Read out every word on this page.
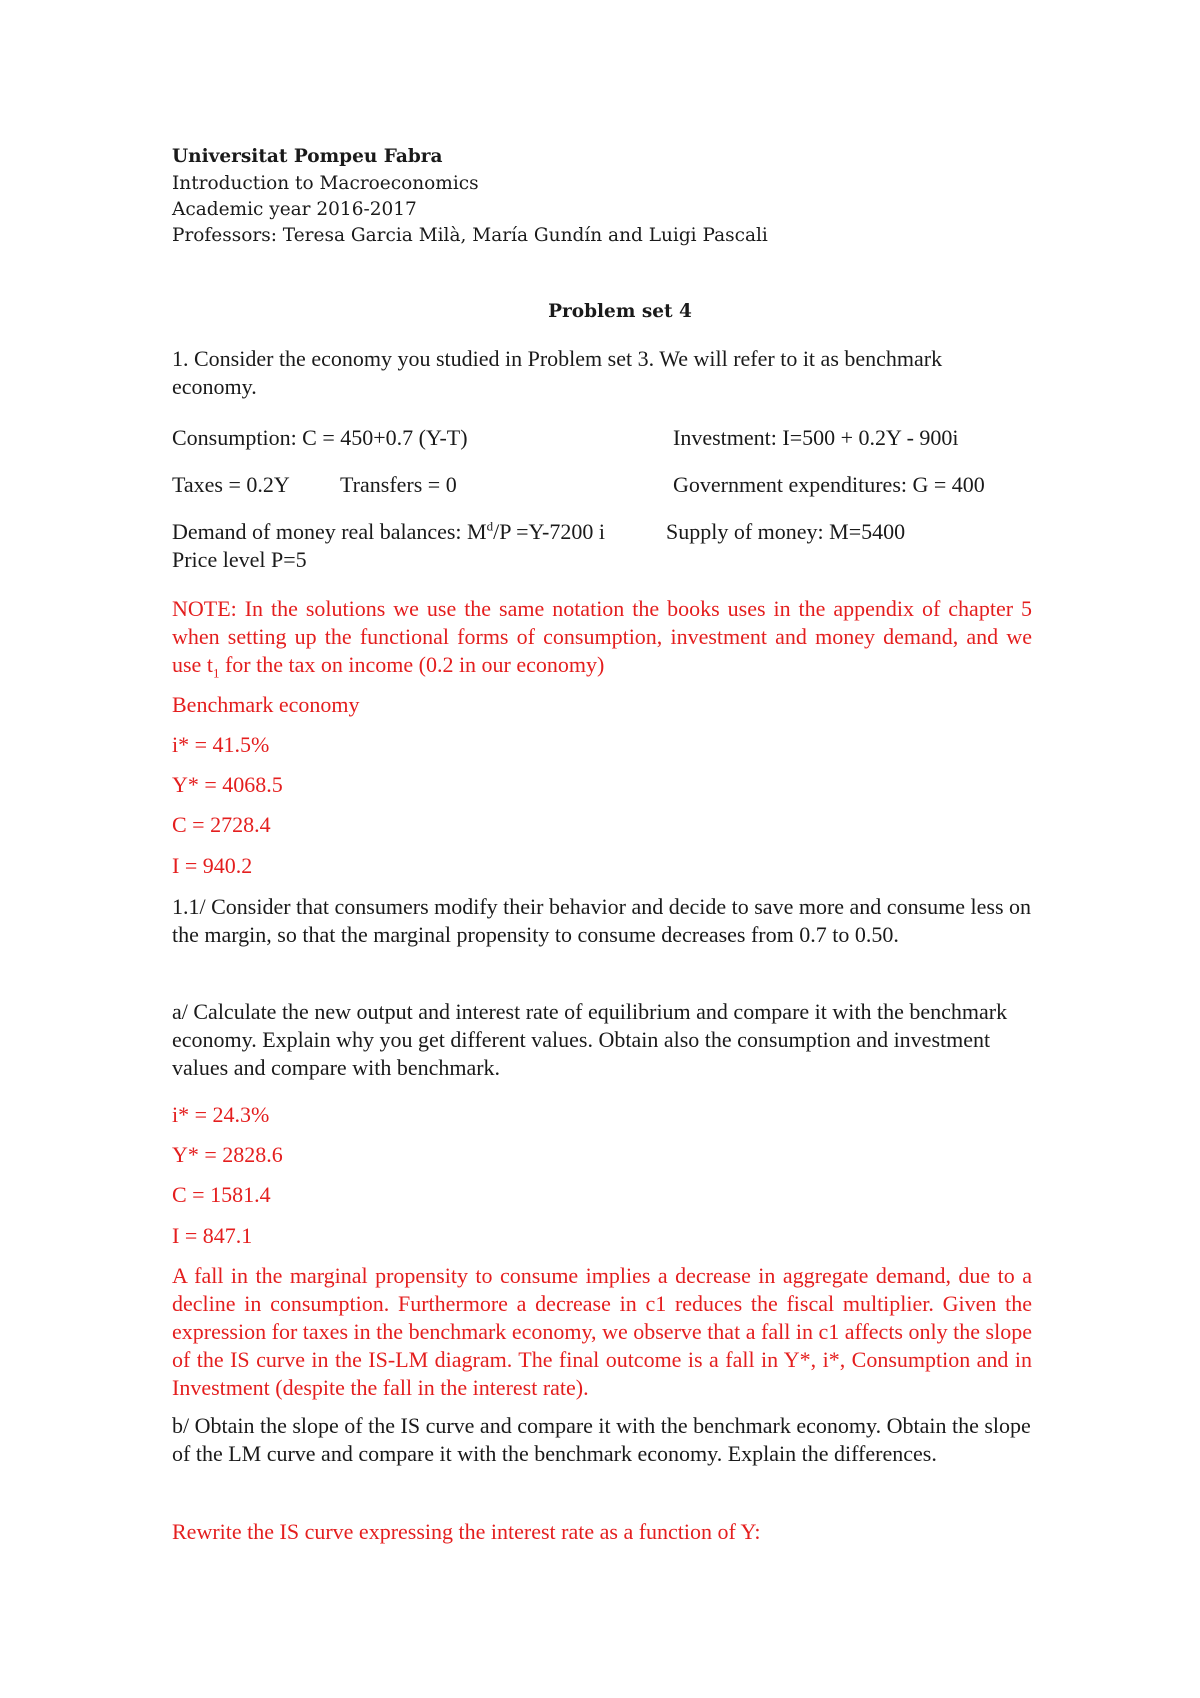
Universitat Pompeu Fabra
Introduction to Macroeconomics
Academic year 2016-2017
Professors: Teresa Garcia Milà, María Gundín and Luigi Pascali
Problem set 4
1. Consider the economy you studied in Problem set 3. We will refer to it as benchmark economy.
Consumption: C = 450+0.7 (Y-T)	Investment: I=500 + 0.2Y - 900i
Taxes = 0.2Y Transfers = 0	Government expenditures: G = 400
Demand of money real balances: $M^d/P =Y-7200$ i	Supply of money: M=5400
Price level P=5
NOTE: In the solutions we use the same notation the books uses in the appendix of chapter 5 when setting up the functional forms of consumption, investment and money demand, and we use $t_1$ for the tax on income (0.2 in our economy)
Benchmark economy
i* = 41.5%
Y* = 4068.5
C = 2728.4
I = 940.2
1.1/ Consider that consumers modify their behavior and decide to save more and consume less on the margin, so that the marginal propensity to consume decreases from 0.7 to 0.50.
a/ Calculate the new output and interest rate of equilibrium and compare it with the benchmark economy. Explain why you get different values. Obtain also the consumption and investment values and compare with benchmark.
i* = 24.3%
Y* = 2828.6
C = 1581.4
I = 847.1
A fall in the marginal propensity to consume implies a decrease in aggregate demand, due to a decline in consumption. Furthermore a decrease in c1 reduces the fiscal multiplier. Given the expression for taxes in the benchmark economy, we observe that a fall in c1 affects only the slope of the IS curve in the IS-LM diagram. The final outcome is a fall in Y*, i*, Consumption and in Investment (despite the fall in the interest rate).
b/ Obtain the slope of the IS curve and compare it with the benchmark economy. Obtain the slope of the LM curve and compare it with the benchmark economy. Explain the differences.
Rewrite the IS curve expressing the interest rate as a function of Y:
